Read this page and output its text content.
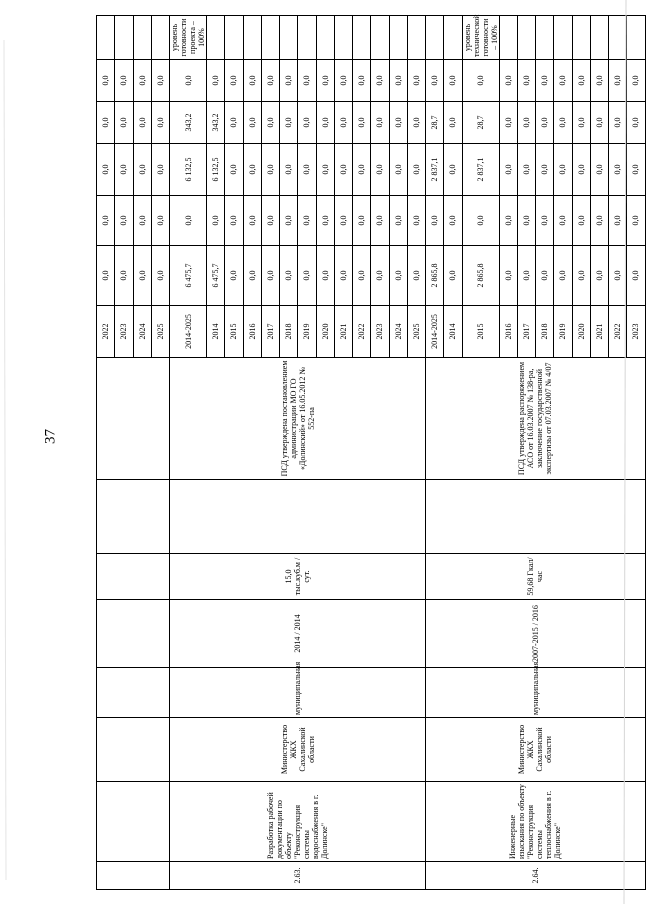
37
								2022	0,0	0,0	0,0	0,0	0,0	
								2023	0,0	0,0	0,0	0,0	0,0	
								2024	0,0	0,0	0,0	0,0	0,0	
								2025	0,0	0,0	0,0	0,0	0,0	
2.63.	Разработка рабочей документации по объекту "Реконструкция системы водоснабжения в г. Долинске"	Министерство ЖКХ Сахалинской области	муниципальная	2014 / 2014	15,0 тыс.куб.м /сут.		ПСД утверждена постановлением администрации МО ГО «Долинский» от 16.05.2012 № 552-па	2014-2025	6 475,7	0,0	6 132,5	343,2	0,0	уровень готовности проекта – 100%
								2014	6 475,7	0,0	6 132,5	343,2	0,0	
								2015	0,0	0,0	0,0	0,0	0,0	
								2016	0,0	0,0	0,0	0,0	0,0	
								2017	0,0	0,0	0,0	0,0	0,0	
								2018	0,0	0,0	0,0	0,0	0,0	
								2019	0,0	0,0	0,0	0,0	0,0	
								2020	0,0	0,0	0,0	0,0	0,0	
								2021	0,0	0,0	0,0	0,0	0,0	
								2022	0,0	0,0	0,0	0,0	0,0	
								2023	0,0	0,0	0,0	0,0	0,0	
								2024	0,0	0,0	0,0	0,0	0,0	
								2025	0,0	0,0	0,0	0,0	0,0	
2.64.	Инженерные изыскания по объекту "Реконструкция системы теплоснабжения в г. Долинске"	Министерство ЖКХ Сахалинской области	муниципальная	2007-2015 / 2016	59,68 Гкал/час		ПСД утверждена распоряжением АСО от 16.03.2007 № 138-ра, заключение государственной экспертизы от 07.03.2007 № 4/07	2014-2025	2 865,8	0,0	2 837,1	28,7	0,0	
								2014	0,0	0,0	0,0	0,0	0,0	
								2015	2 865,8	0,0	2 837,1	28,7	0,0	уровень технической готовности – 100%
								2016	0,0	0,0	0,0	0,0	0,0	
								2017	0,0	0,0	0,0	0,0	0,0	
								2018	0,0	0,0	0,0	0,0	0,0	
								2019	0,0	0,0	0,0	0,0	0,0	
								2020	0,0	0,0	0,0	0,0	0,0	
								2021	0,0	0,0	0,0	0,0	0,0	
								2022	0,0	0,0	0,0	0,0	0,0	
								2023	0,0	0,0	0,0	0,0	0,0	
